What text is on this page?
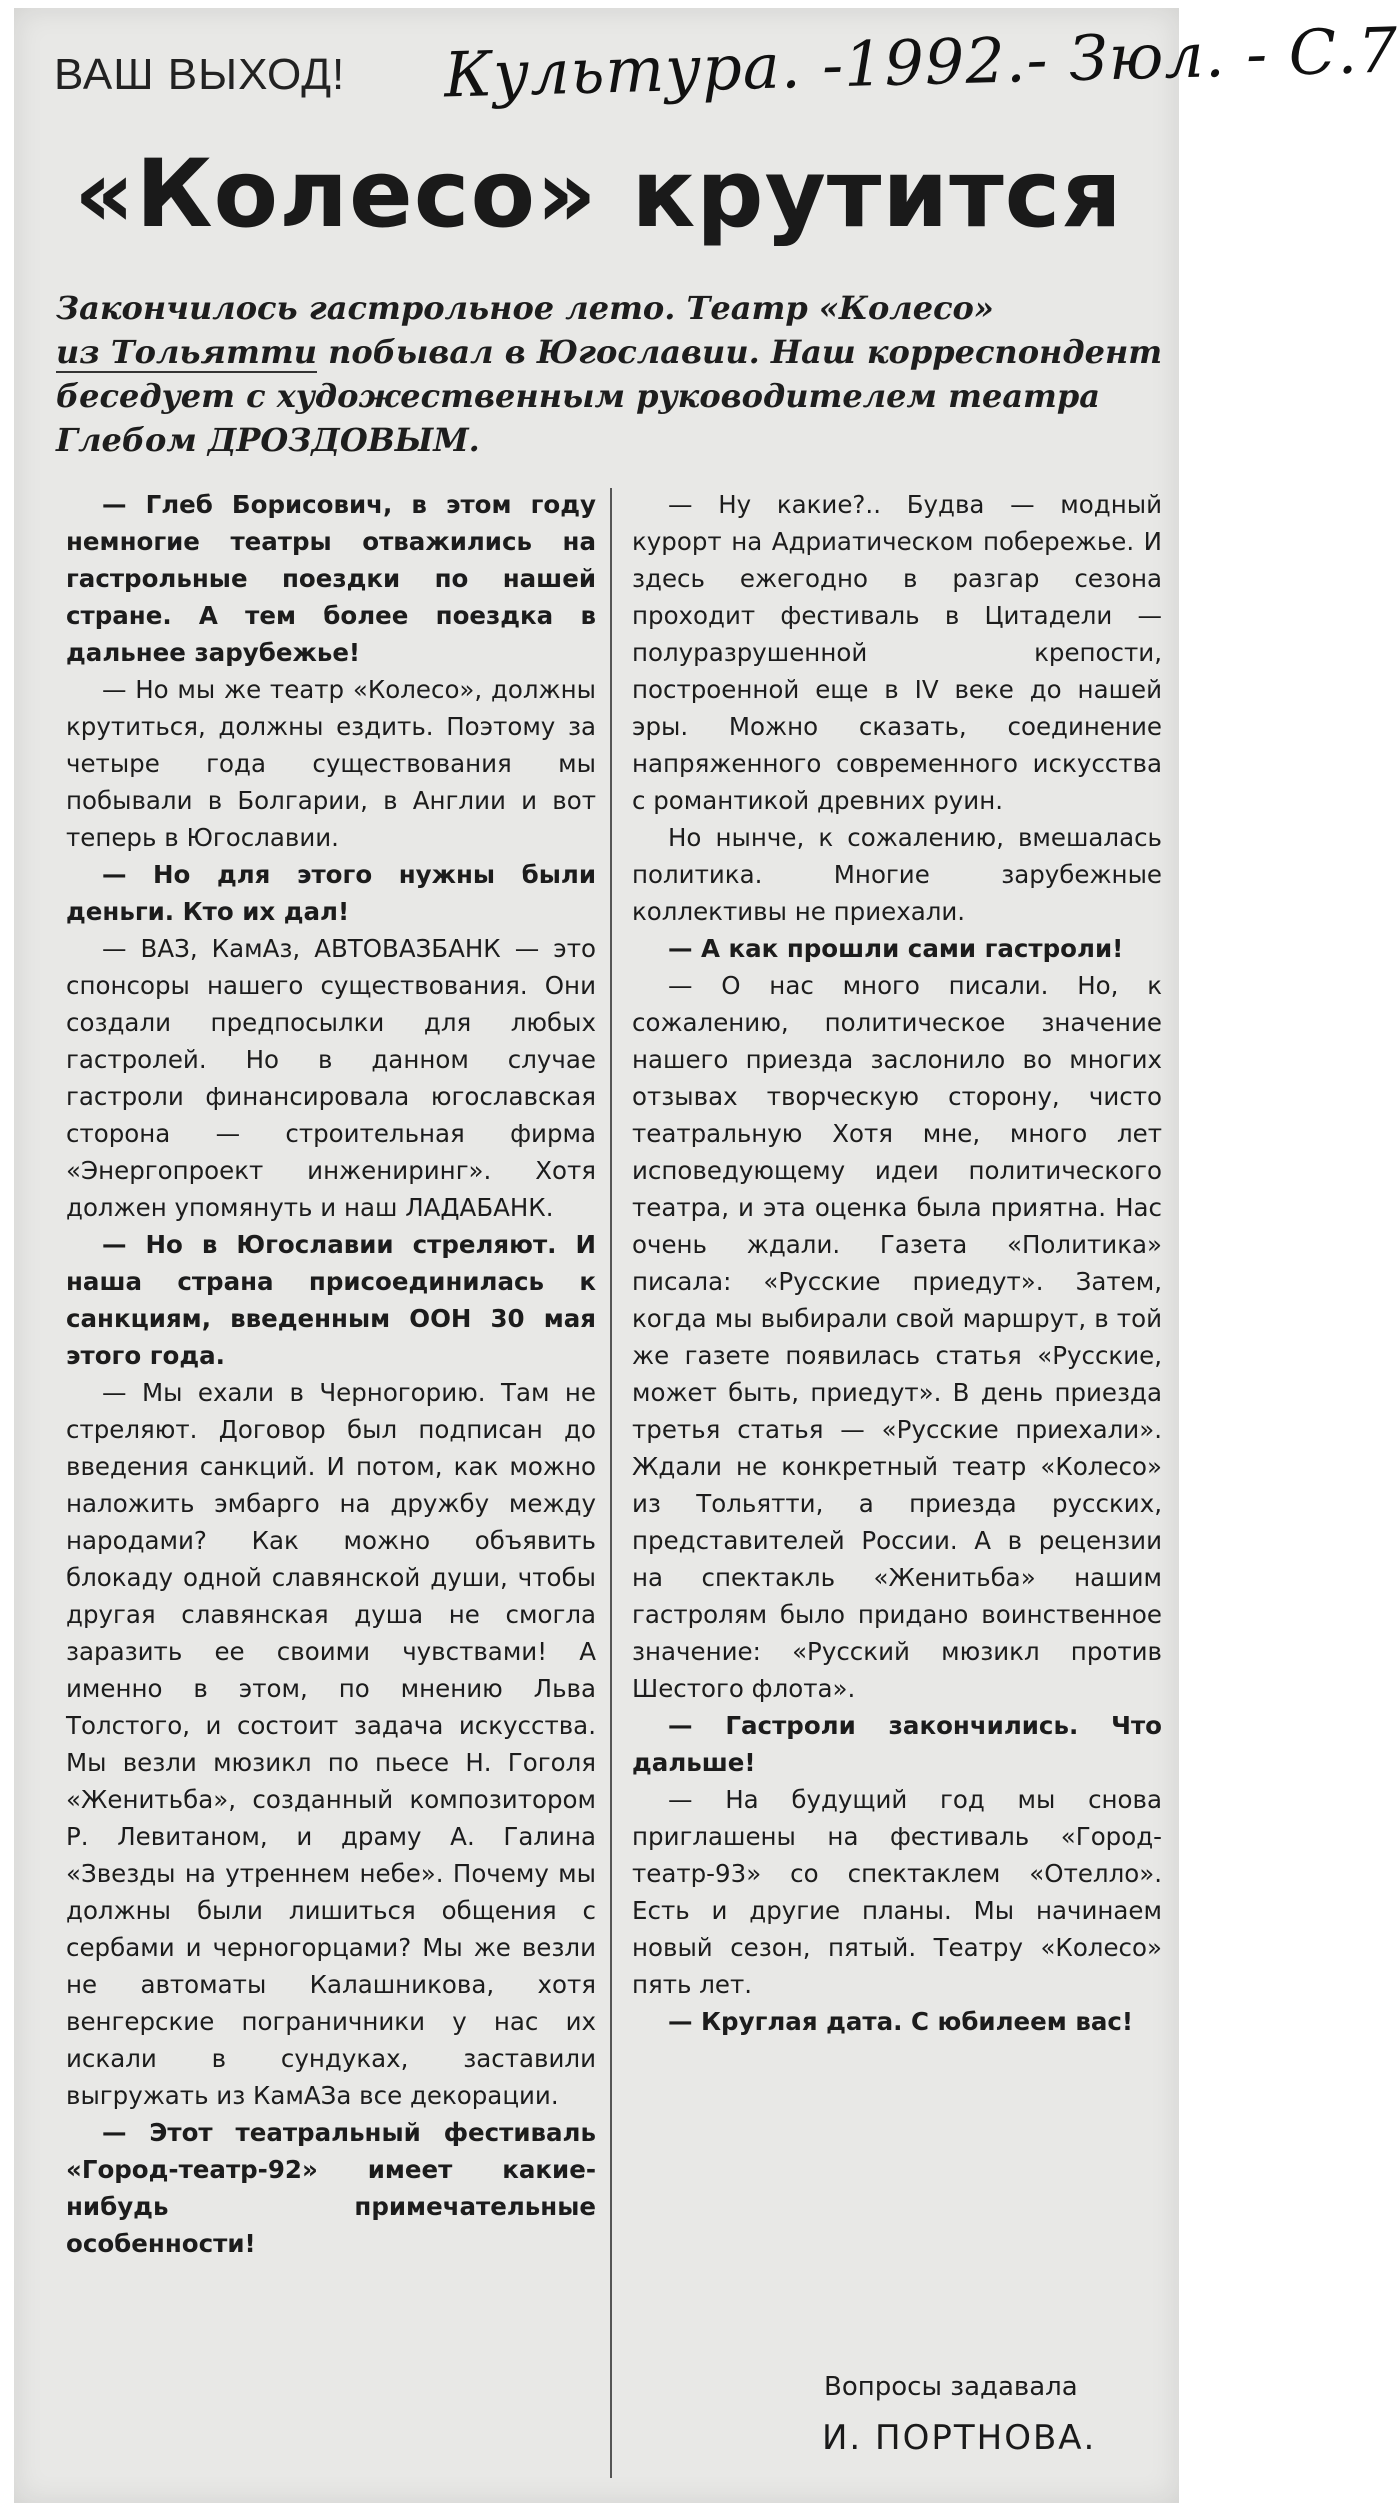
ВАШ ВЫХОД! Культура. -1992.- Зюл. - С.7
«Колесо» крутится
Закончилось гастрольное лето. Театр «Колесо»
из Тольятти побывал в Югославии. Наш корреспондент беседует с художественным руководителем театра Глебом ДРОЗДОВЫМ.

— Глеб Борисович, в этом году немногие театры отважились на гастрольные поездки по нашей стране. А тем более поездка в дальнее зарубежье!

— Но мы же театр «Колесо», должны крутиться, должны ездить. Поэтому за четыре года существования мы побывали в Болгарии, в Англии и вот теперь в Югославии.

— Но для этого нужны были деньги. Кто их дал!

— ВАЗ, КамАз, АВТОВАЗБАНК — это спонсоры нашего существования. Они создали предпосылки для любых гастролей. Но в данном случае гастроли финансировала югославская сторона — строительная фирма «Энергопроект инжениринг». Хотя должен упомянуть и наш ЛАДАБАНК.

— Но в Югославии стреляют. И наша страна присоединилась к санкциям, введенным ООН 30 мая этого года.

— Мы ехали в Черногорию. Там не стреляют. Договор был подписан до введения санкций. И потом, как можно наложить эмбарго на дружбу между народами? Как можно объявить блокаду одной славянской души, чтобы другая славянская душа не смогла заразить ее своими чувствами! А именно в этом, по мнению Льва Толстого, и состоит задача искусства. Мы везли мюзикл по пьесе Н. Гоголя «Женитьба», созданный композитором Р. Левитаном, и драму А. Галина «Звезды на утреннем небе». Почему мы должны были лишиться общения с сербами и черногорцами? Мы же везли не автоматы Калашникова, хотя венгерские пограничники у нас их искали в сундуках, заставили выгружать из КамАЗа все декорации.

— Этот театральный фестиваль «Город-театр-92» имеет какие-нибудь примечательные особенности!

— Ну какие?.. Будва — модный курорт на Адриатическом побережье. И здесь ежегодно в разгар сезона проходит фестиваль в Цитадели — полуразрушенной крепости, построенной еще в IV веке до нашей эры. Можно сказать, соединение напряженного современного искусства с романтикой древних руин.

Но нынче, к сожалению, вмешалась политика. Многие зарубежные коллективы не приехали.

— А как прошли сами гастроли!

— О нас много писали. Но, к сожалению, политическое значение нашего приезда заслонило во многих отзывах творческую сторону, чисто театральную Хотя мне, много лет исповедующему идеи политического театра, и эта оценка была приятна. Нас очень ждали. Газета «Политика» писала: «Русские приедут». Затем, когда мы выбирали свой маршрут, в той же газете появилась статья «Русские, может быть, приедут». В день приезда третья статья — «Русские приехали». Ждали не конкретный театр «Колесо» из Тольятти, а приезда русских, представителей России. А в рецензии на спектакль «Женитьба» нашим гастролям было придано воинственное значение: «Русский мюзикл против Шестого флота».

— Гастроли закончились. Что дальше!

— На будущий год мы снова приглашены на фестиваль «Город-театр-93» со спектаклем «Отелло». Есть и другие планы. Мы начинаем новый сезон, пятый. Театру «Колесо» пять лет.

— Круглая дата. С юбилеем вас!

Вопросы задавала
И. ПОРТНОВА.
